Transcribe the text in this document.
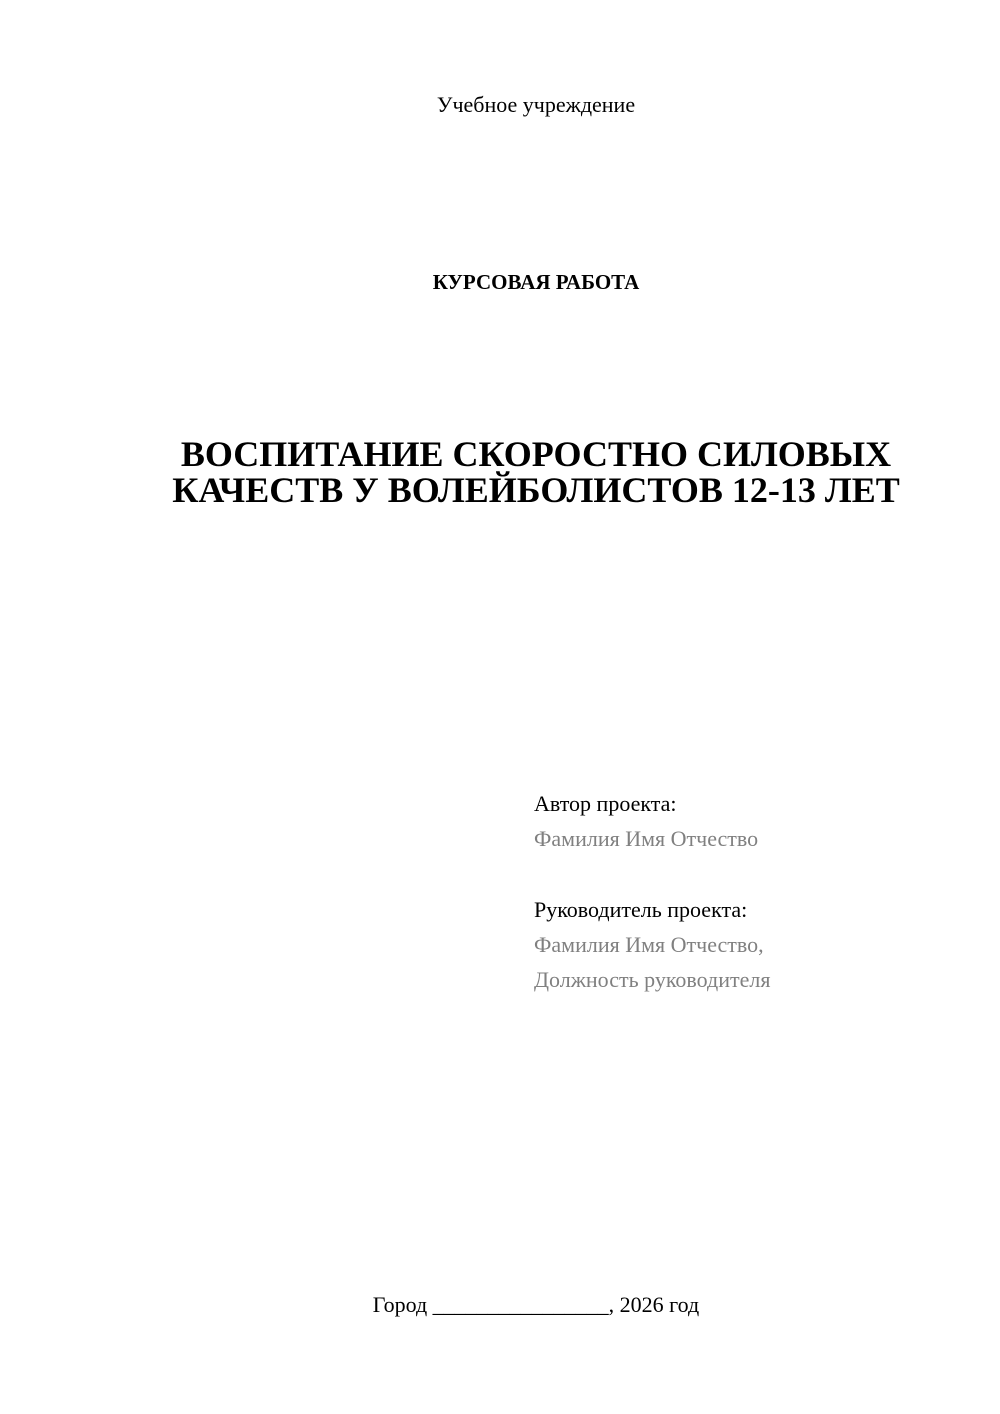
Учебное учреждение
КУРСОВАЯ РАБОТА
ВОСПИТАНИЕ СКОРОСТНО СИЛОВЫХ
КАЧЕСТВ У ВОЛЕЙБОЛИСТОВ 12-13 ЛЕТ
Автор проекта:
Фамилия Имя Отчество
Руководитель проекта:
Фамилия Имя Отчество,
Должность руководителя
Город ________________, 2026 год
